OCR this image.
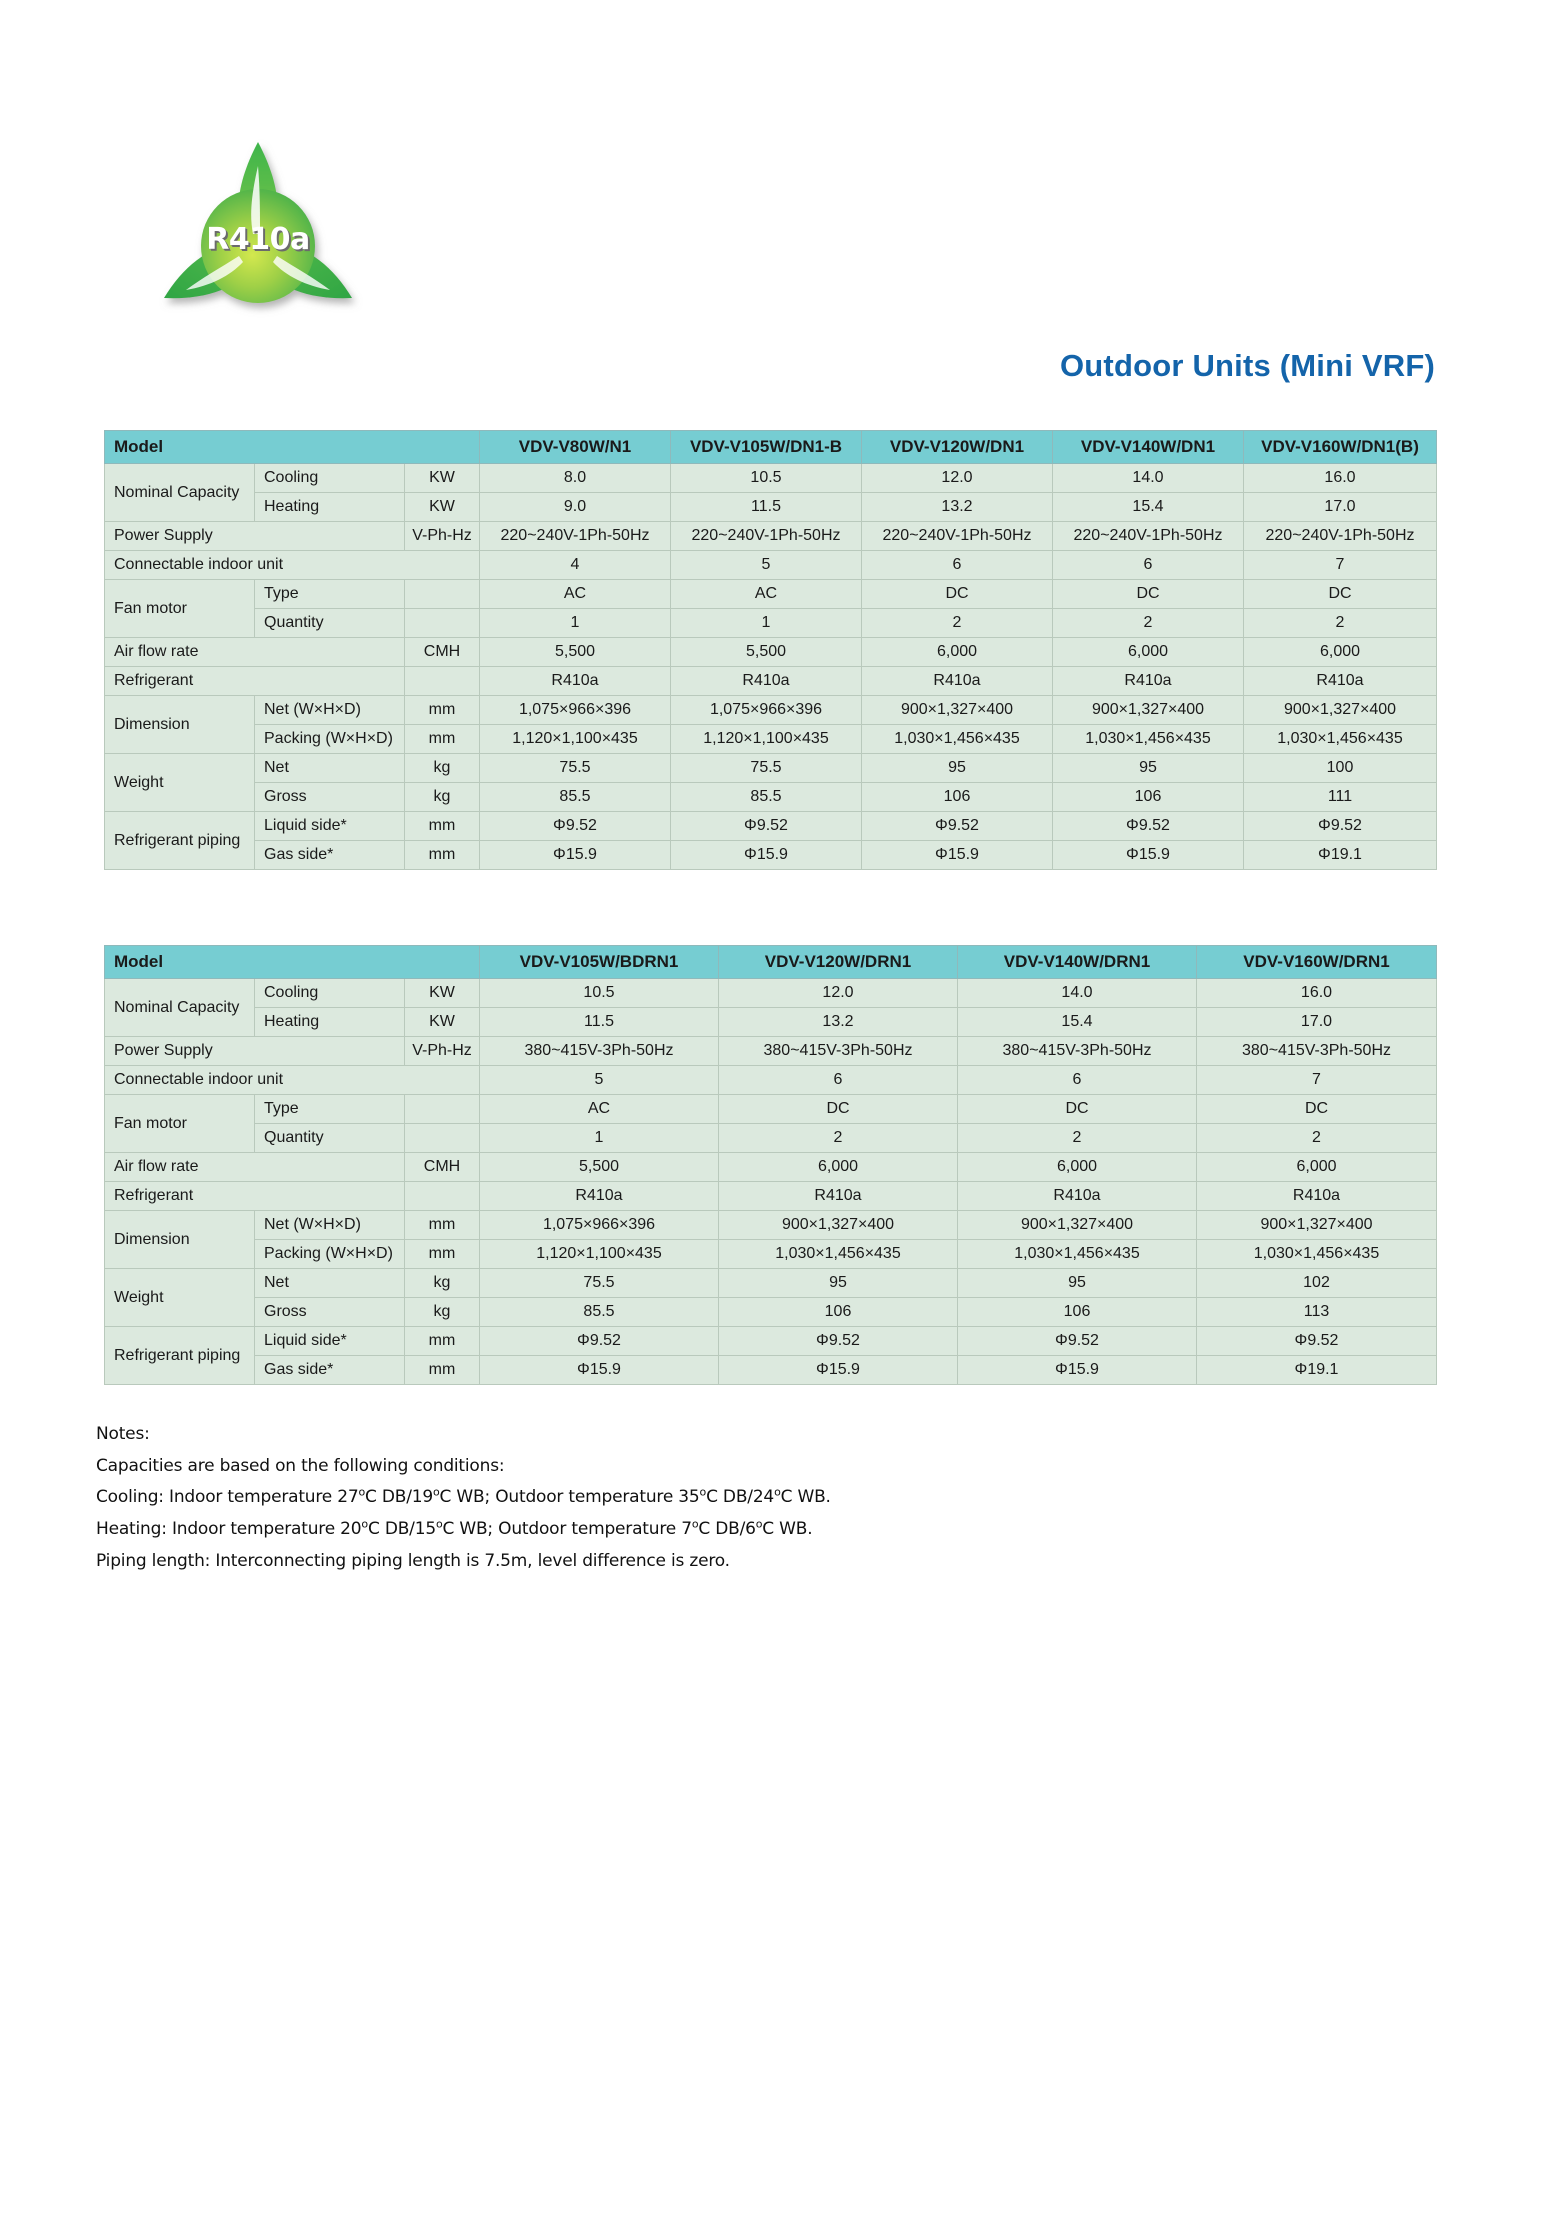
R410a
Outdoor Units (Mini VRF)
Model			VDV-V80W/N1	VDV-V105W/DN1-B	VDV-V120W/DN1	VDV-V140W/DN1	VDV-V160W/DN1(B)
Nominal Capacity	Cooling	KW	8.0	10.5	12.0	14.0	16.0
	Heating	KW	9.0	11.5	13.2	15.4	17.0
Power Supply		V-Ph-Hz	220~240V-1Ph-50Hz	220~240V-1Ph-50Hz	220~240V-1Ph-50Hz	220~240V-1Ph-50Hz	220~240V-1Ph-50Hz
Connectable indoor unit			4	5	6	6	7
Fan motor	Type		AC	AC	DC	DC	DC
	Quantity		1	1	2	2	2
Air flow rate		CMH	5,500	5,500	6,000	6,000	6,000
Refrigerant			R410a	R410a	R410a	R410a	R410a
Dimension	Net (W×H×D)	mm	1,075×966×396	1,075×966×396	900×1,327×400	900×1,327×400	900×1,327×400
	Packing (W×H×D)	mm	1,120×1,100×435	1,120×1,100×435	1,030×1,456×435	1,030×1,456×435	1,030×1,456×435
Weight	Net	kg	75.5	75.5	95	95	100
	Gross	kg	85.5	85.5	106	106	111
Refrigerant piping	Liquid side*	mm	Φ9.52	Φ9.52	Φ9.52	Φ9.52	Φ9.52
	Gas side*	mm	Φ15.9	Φ15.9	Φ15.9	Φ15.9	Φ19.1
Model			VDV-V105W/BDRN1	VDV-V120W/DRN1	VDV-V140W/DRN1	VDV-V160W/DRN1
Nominal Capacity	Cooling	KW	10.5	12.0	14.0	16.0
	Heating	KW	11.5	13.2	15.4	17.0
Power Supply		V-Ph-Hz	380~415V-3Ph-50Hz	380~415V-3Ph-50Hz	380~415V-3Ph-50Hz	380~415V-3Ph-50Hz
Connectable indoor unit			5	6	6	7
Fan motor	Type		AC	DC	DC	DC
	Quantity		1	2	2	2
Air flow rate		CMH	5,500	6,000	6,000	6,000
Refrigerant			R410a	R410a	R410a	R410a
Dimension	Net (W×H×D)	mm	1,075×966×396	900×1,327×400	900×1,327×400	900×1,327×400
	Packing (W×H×D)	mm	1,120×1,100×435	1,030×1,456×435	1,030×1,456×435	1,030×1,456×435
Weight	Net	kg	75.5	95	95	102
	Gross	kg	85.5	106	106	113
Refrigerant piping	Liquid side*	mm	Φ9.52	Φ9.52	Φ9.52	Φ9.52
	Gas side*	mm	Φ15.9	Φ15.9	Φ15.9	Φ19.1

Notes:

Capacities are based on the following conditions:

Cooling: Indoor temperature 27$^o$C DB/19$^o$C WB; Outdoor temperature 35$^o$C DB/24$^o$C WB.

Heating: Indoor temperature 20$^o$C DB/15$^o$C WB; Outdoor temperature 7$^o$C DB/6$^o$C WB.

Piping length: Interconnecting piping length is 7.5m, level difference is zero.
